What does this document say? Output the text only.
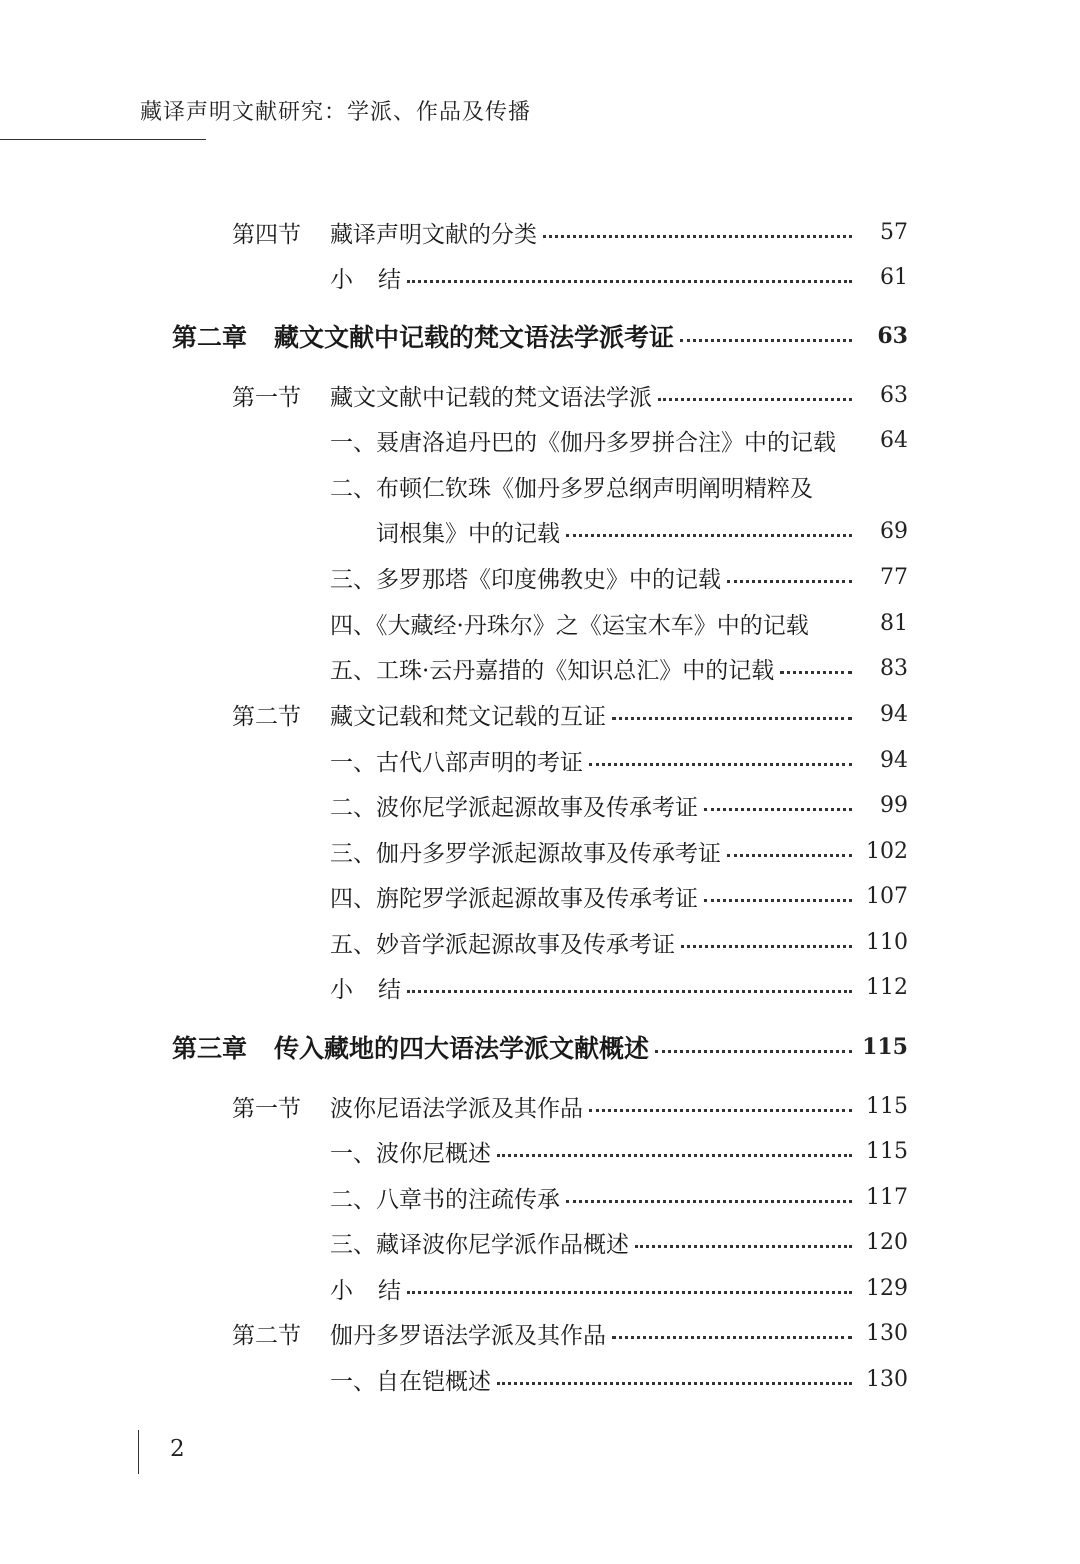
藏译声明文献研究：学派、作品及传播
第四节 藏译声明文献的分类	57
小 结	61
第二章 藏文文献中记载的梵文语法学派考证	63
第一节 藏文文献中记载的梵文语法学派	63
一、聂唐洛追丹巴的《伽丹多罗拼合注》中的记载	64
二、布顿仁钦珠《伽丹多罗总纲声明阐明精粹及
词根集》中的记载	69
三、多罗那塔《印度佛教史》中的记载	77
四、《大藏经·丹珠尔》之《运宝木车》中的记载	81
五、工珠·云丹嘉措的《知识总汇》中的记载	83
第二节 藏文记载和梵文记载的互证	94
一、古代八部声明的考证	94
二、波你尼学派起源故事及传承考证	99
三、伽丹多罗学派起源故事及传承考证	102
四、旃陀罗学派起源故事及传承考证	107
五、妙音学派起源故事及传承考证	110
小 结	112
第三章 传入藏地的四大语法学派文献概述	115
第一节 波你尼语法学派及其作品	115
一、波你尼概述	115
二、八章书的注疏传承	117
三、藏译波你尼学派作品概述	120
小 结	129
第二节 伽丹多罗语法学派及其作品	130
一、自在铠概述	130
2
